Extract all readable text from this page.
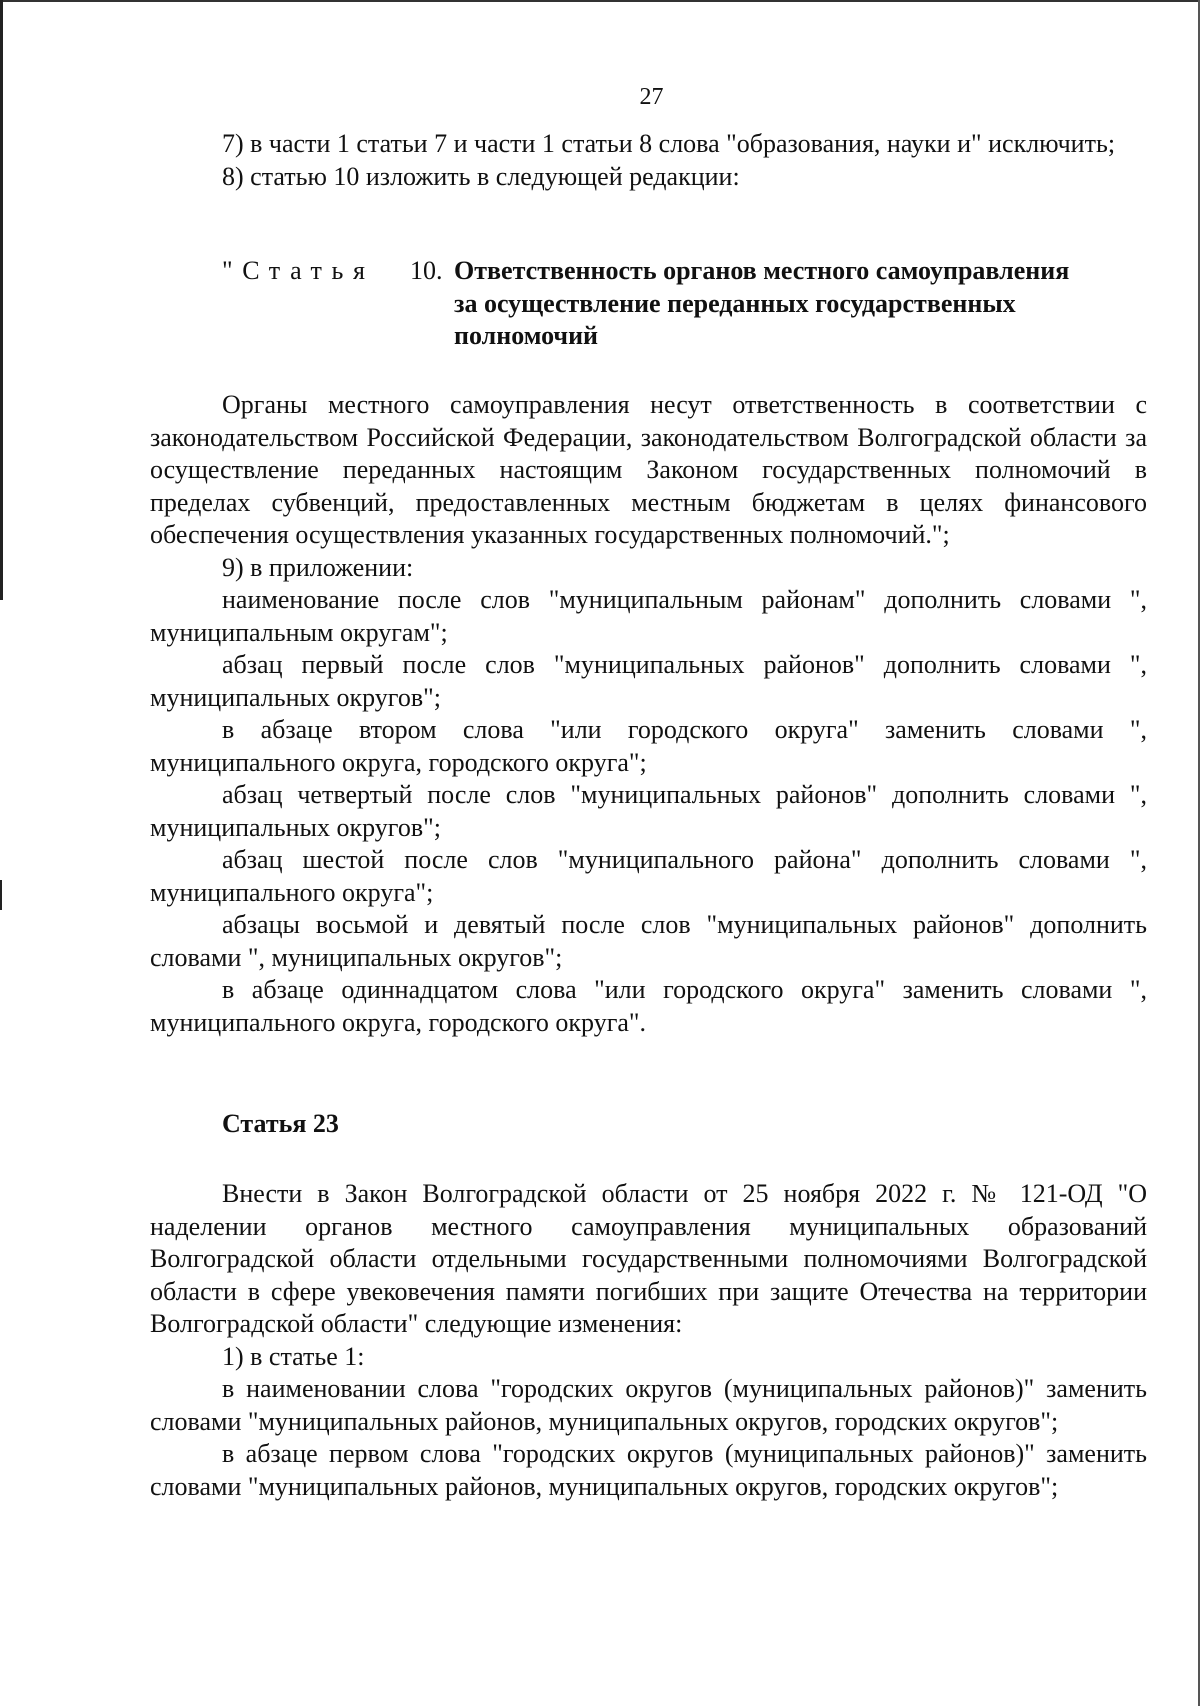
27

7) в части 1 статьи 7 и части 1 статьи 8 слова "образования, науки и" исключить;

8) статью 10 изложить в следующей редакции:

"Статья 10. Ответственность органов местного самоуправления
за осуществление переданных государственных
полномочий

Органы местного самоуправления несут ответственность в соответствии с законодательством Российской Федерации, законодательством Волгоградской области за осуществление переданных настоящим Законом государственных полномочий в пределах субвенций, предоставленных местным бюджетам в целях финансового обеспечения осуществления указанных государственных полномочий.";

9) в приложении:

наименование после слов "муниципальным районам" дополнить словами ", муниципальным округам";

абзац первый после слов "муниципальных районов" дополнить словами ", муниципальных округов";

в абзаце втором слова "или городского округа" заменить словами ", муниципального округа, городского округа";

абзац четвертый после слов "муниципальных районов" дополнить словами ", муниципальных округов";

абзац шестой после слов "муниципального района" дополнить словами ", муниципального округа";

абзацы восьмой и девятый после слов "муниципальных районов" дополнить словами ", муниципальных округов";

в абзаце одиннадцатом слова "или городского округа" заменить словами ", муниципального округа, городского округа".

Статья 23

Внести в Закон Волгоградской области от 25 ноября 2022 г. № 121-ОД "О наделении органов местного самоуправления муниципальных образований Волгоградской области отдельными государственными полномочиями Волгоградской области в сфере увековечения памяти погибших при защите Отечества на территории Волгоградской области" следующие изменения:

1) в статье 1:

в наименовании слова "городских округов (муниципальных районов)" заменить словами "муниципальных районов, муниципальных округов, городских округов";

в абзаце первом слова "городских округов (муниципальных районов)" заменить словами "муниципальных районов, муниципальных округов, городских округов";
